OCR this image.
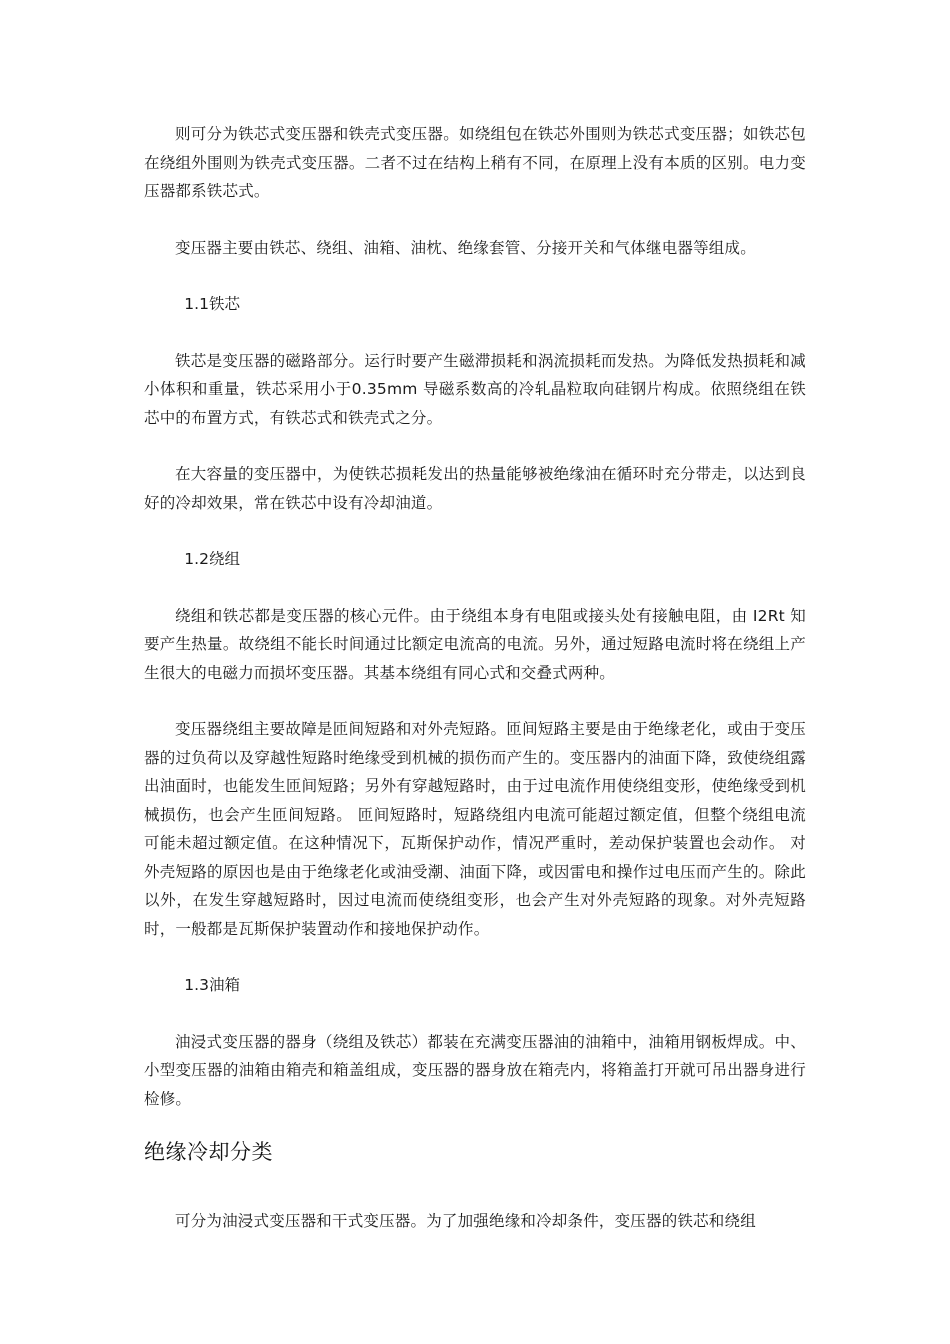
则可分为铁芯式变压器和铁壳式变压器。如绕组包在铁芯外围则为铁芯式变压器；如铁芯包在绕组外围则为铁壳式变压器。二者不过在结构上稍有不同，在原理上没有本质的区别。电力变压器都系铁芯式。

变压器主要由铁芯、绕组、油箱、油枕、绝缘套管、分接开关和气体继电器等组成。

1.1铁芯

铁芯是变压器的磁路部分。运行时要产生磁滞损耗和涡流损耗而发热。为降低发热损耗和减小体积和重量，铁芯采用小于0.35mm 导磁系数高的冷轧晶粒取向硅钢片构成。依照绕组在铁芯中的布置方式，有铁芯式和铁壳式之分。

在大容量的变压器中，为使铁芯损耗发出的热量能够被绝缘油在循环时充分带走，以达到良好的冷却效果，常在铁芯中设有冷却油道。

1.2绕组

绕组和铁芯都是变压器的核心元件。由于绕组本身有电阻或接头处有接触电阻，由 I2Rt 知要产生热量。故绕组不能长时间通过比额定电流高的电流。另外，通过短路电流时将在绕组上产生很大的电磁力而损坏变压器。其基本绕组有同心式和交叠式两种。

变压器绕组主要故障是匝间短路和对外壳短路。匝间短路主要是由于绝缘老化，或由于变压器的过负荷以及穿越性短路时绝缘受到机械的损伤而产生的。变压器内的油面下降，致使绕组露出油面时，也能发生匝间短路；另外有穿越短路时，由于过电流作用使绕组变形，使绝缘受到机械损伤，也会产生匝间短路。 匝间短路时，短路绕组内电流可能超过额定值，但整个绕组电流可能未超过额定值。在这种情况下，瓦斯保护动作，情况严重时，差动保护装置也会动作。 对外壳短路的原因也是由于绝缘老化或油受潮、油面下降，或因雷电和操作过电压而产生的。除此以外，在发生穿越短路时，因过电流而使绕组变形，也会产生对外壳短路的现象。对外壳短路时，一般都是瓦斯保护装置动作和接地保护动作。

1.3油箱

油浸式变压器的器身（绕组及铁芯）都装在充满变压器油的油箱中，油箱用钢板焊成。中、小型变压器的油箱由箱壳和箱盖组成，变压器的器身放在箱壳内，将箱盖打开就可吊出器身进行检修。

绝缘冷却分类

可分为油浸式变压器和干式变压器。为了加强绝缘和冷却条件，变压器的铁芯和绕组
